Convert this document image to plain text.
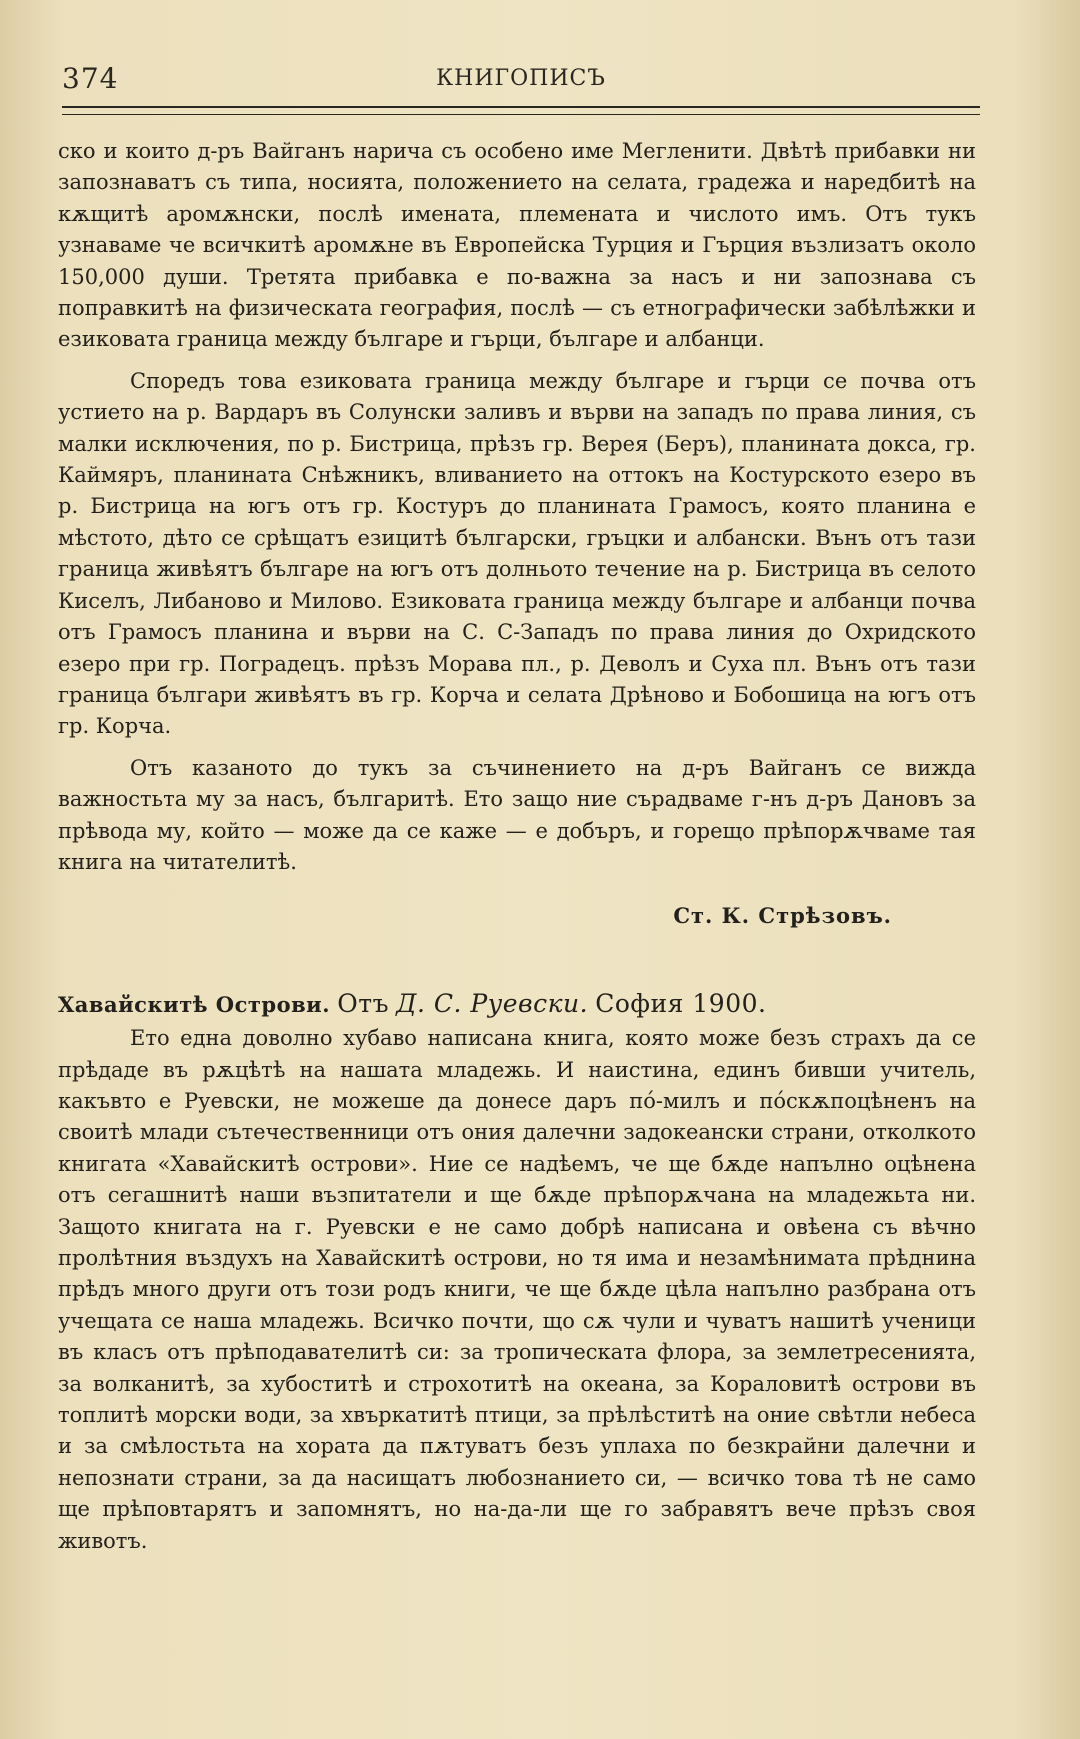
374	КНИГОПИСЪ

ско и които д-ръ Вайганъ нарича съ особено име Мегленити. Двѣтѣ прибавки ни запознаватъ съ типа, носията, положението на селата, градежа и наредбитѣ на кѫщитѣ аромѫнски, послѣ имената, племената и числото имъ. Отъ тукъ узнаваме че всичкитѣ аромѫне въ Европейска Турция и Гърция възлизатъ около 150,000 души. Третята прибавка е по-важна за насъ и ни запознава съ поправкитѣ на физическата география, послѣ — съ етнографически забѣлѣжки и езиковата граница между българе и гърци, българе и албанци.

Споредъ това езиковата граница между българе и гърци се почва отъ устието на р. Вардаръ въ Солунски заливъ и върви на западъ по права линия, съ малки исключения, по р. Бистрица, прѣзъ гр. Верея (Беръ), планината докса, гр. Каймяръ, планината Снѣжникъ, вливанието на оттокъ на Костурското езеро въ р. Бистрица на югъ отъ гр. Костуръ до планината Грамосъ, която планина е мѣстото, дѣто се срѣщатъ езицитѣ български, гръцки и албански. Вънъ отъ тази граница живѣятъ българе на югъ отъ долньото течение на р. Бистрица въ селото Киселъ, Либаново и Милово. Езиковата граница между българе и албанци почва отъ Грамосъ планина и върви на С. С-Западъ по права линия до Охридското езеро при гр. Поградецъ. прѣзъ Морава пл., р. Деволъ и Суха пл. Вънъ отъ тази граница българи живѣятъ въ гр. Корча и селата Дрѣново и Бобошица на югъ отъ гр. Корча.

Отъ казаното до тукъ за съчинението на д-ръ Вайганъ се вижда важностьта му за насъ, българитѣ. Ето защо ние сърадваме г-нъ д-ръ Дановъ за прѣвода му, който — може да се каже — е добъръ, и горещо прѣпорѫчваме тая книга на читателитѣ.

Ст. К. Стрѣзовъ.

Хавайскитѣ Острови. Отъ Д. С. Руевски. София 1900.

Ето една доволно хубаво написана книга, която може безъ страхъ да се прѣдаде въ рѫцѣтѣ на нашата младежь. И наистина, единъ бивши учитель, какъвто е Руевски, не можеше да донесе даръ по́-милъ и по́скѫпоцѣненъ на своитѣ млади сътечественници отъ ония далечни задокеански страни, отколкото книгата «Хавайскитѣ острови». Ние се надѣемъ, че ще бѫде напълно оцѣнена отъ сегашнитѣ наши възпитатели и ще бѫде прѣпорѫчана на младежьта ни. Защото книгата на г. Руевски е не само добрѣ написана и овѣена съ вѣчно пролѣтния въздухъ на Хавайскитѣ острови, но тя има и незамѣнимата прѣднина прѣдъ много други отъ този родъ книги, че ще бѫде цѣла напълно разбрана отъ учещата се наша младежь. Всичко почти, що сѫ чули и чуватъ нашитѣ ученици въ класъ отъ прѣподавателитѣ си: за тропическата флора, за землетресенията, за волканитѣ, за хубоститѣ и строхотитѣ на океана, за Кораловитѣ острови въ топлитѣ морски води, за хвъркатитѣ птици, за прѣлѣститѣ на оние свѣтли небеса и за смѣлостьта на хората да пѫтуватъ безъ уплаха по безкрайни далечни и непознати страни, за да насищатъ любознанието си, — всичко това тѣ не само ще прѣповтарятъ и запомнятъ, но на-да-ли ще го забравятъ вече прѣзъ своя животъ.
